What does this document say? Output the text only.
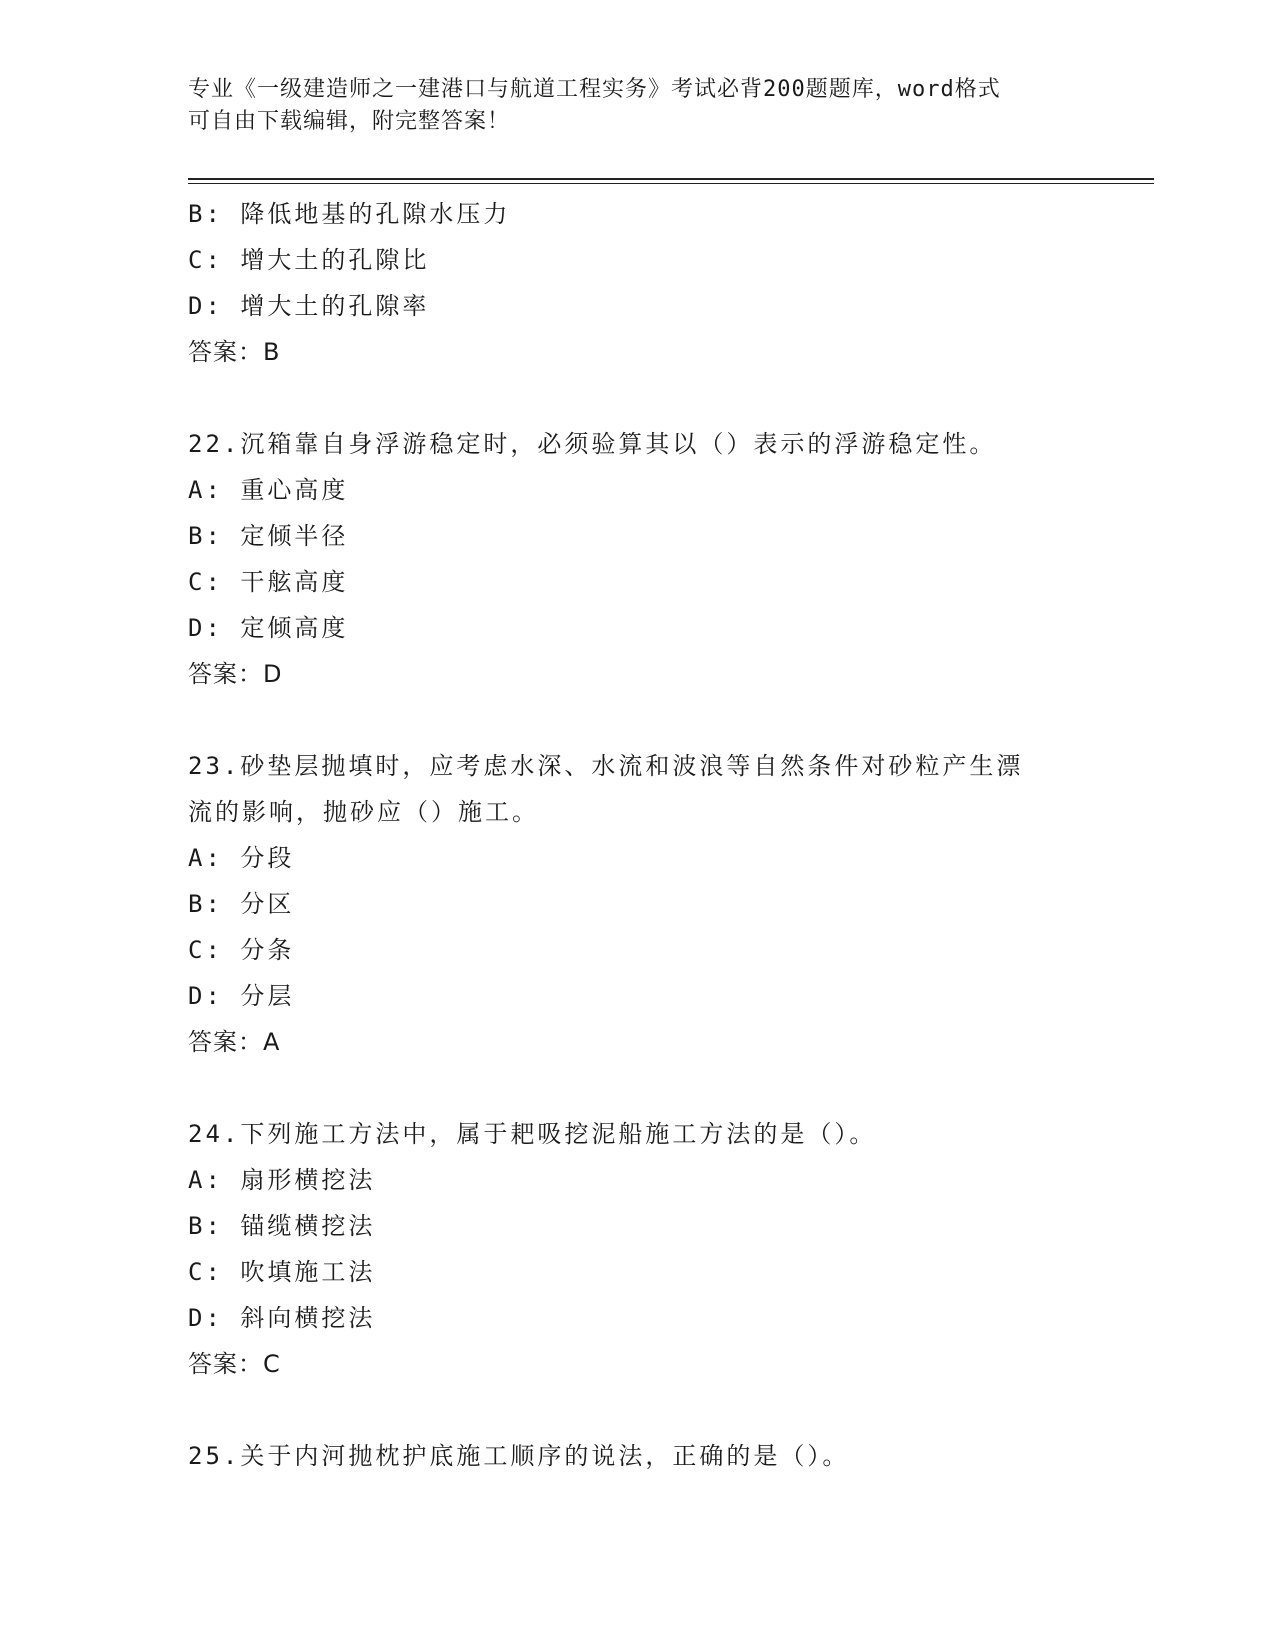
专业《一级建造师之一建港口与航道工程实务》考试必背200题题库，word格式
可自由下载编辑，附完整答案！

B: 降低地基的孔隙水压力

C: 增大土的孔隙比

D: 增大土的孔隙率

答案：B

22.沉箱靠自身浮游稳定时，必须验算其以（）表示的浮游稳定性。

A: 重心高度

B: 定倾半径

C: 干舷高度

D: 定倾高度

答案：D

23.砂垫层抛填时，应考虑水深、水流和波浪等自然条件对砂粒产生漂

流的影响，抛砂应（）施工。

A: 分段

B: 分区

C: 分条

D: 分层

答案：A

24.下列施工方法中，属于耙吸挖泥船施工方法的是（）。

A: 扇形横挖法

B: 锚缆横挖法

C: 吹填施工法

D: 斜向横挖法

答案：C

25.关于内河抛枕护底施工顺序的说法，正确的是（）。
